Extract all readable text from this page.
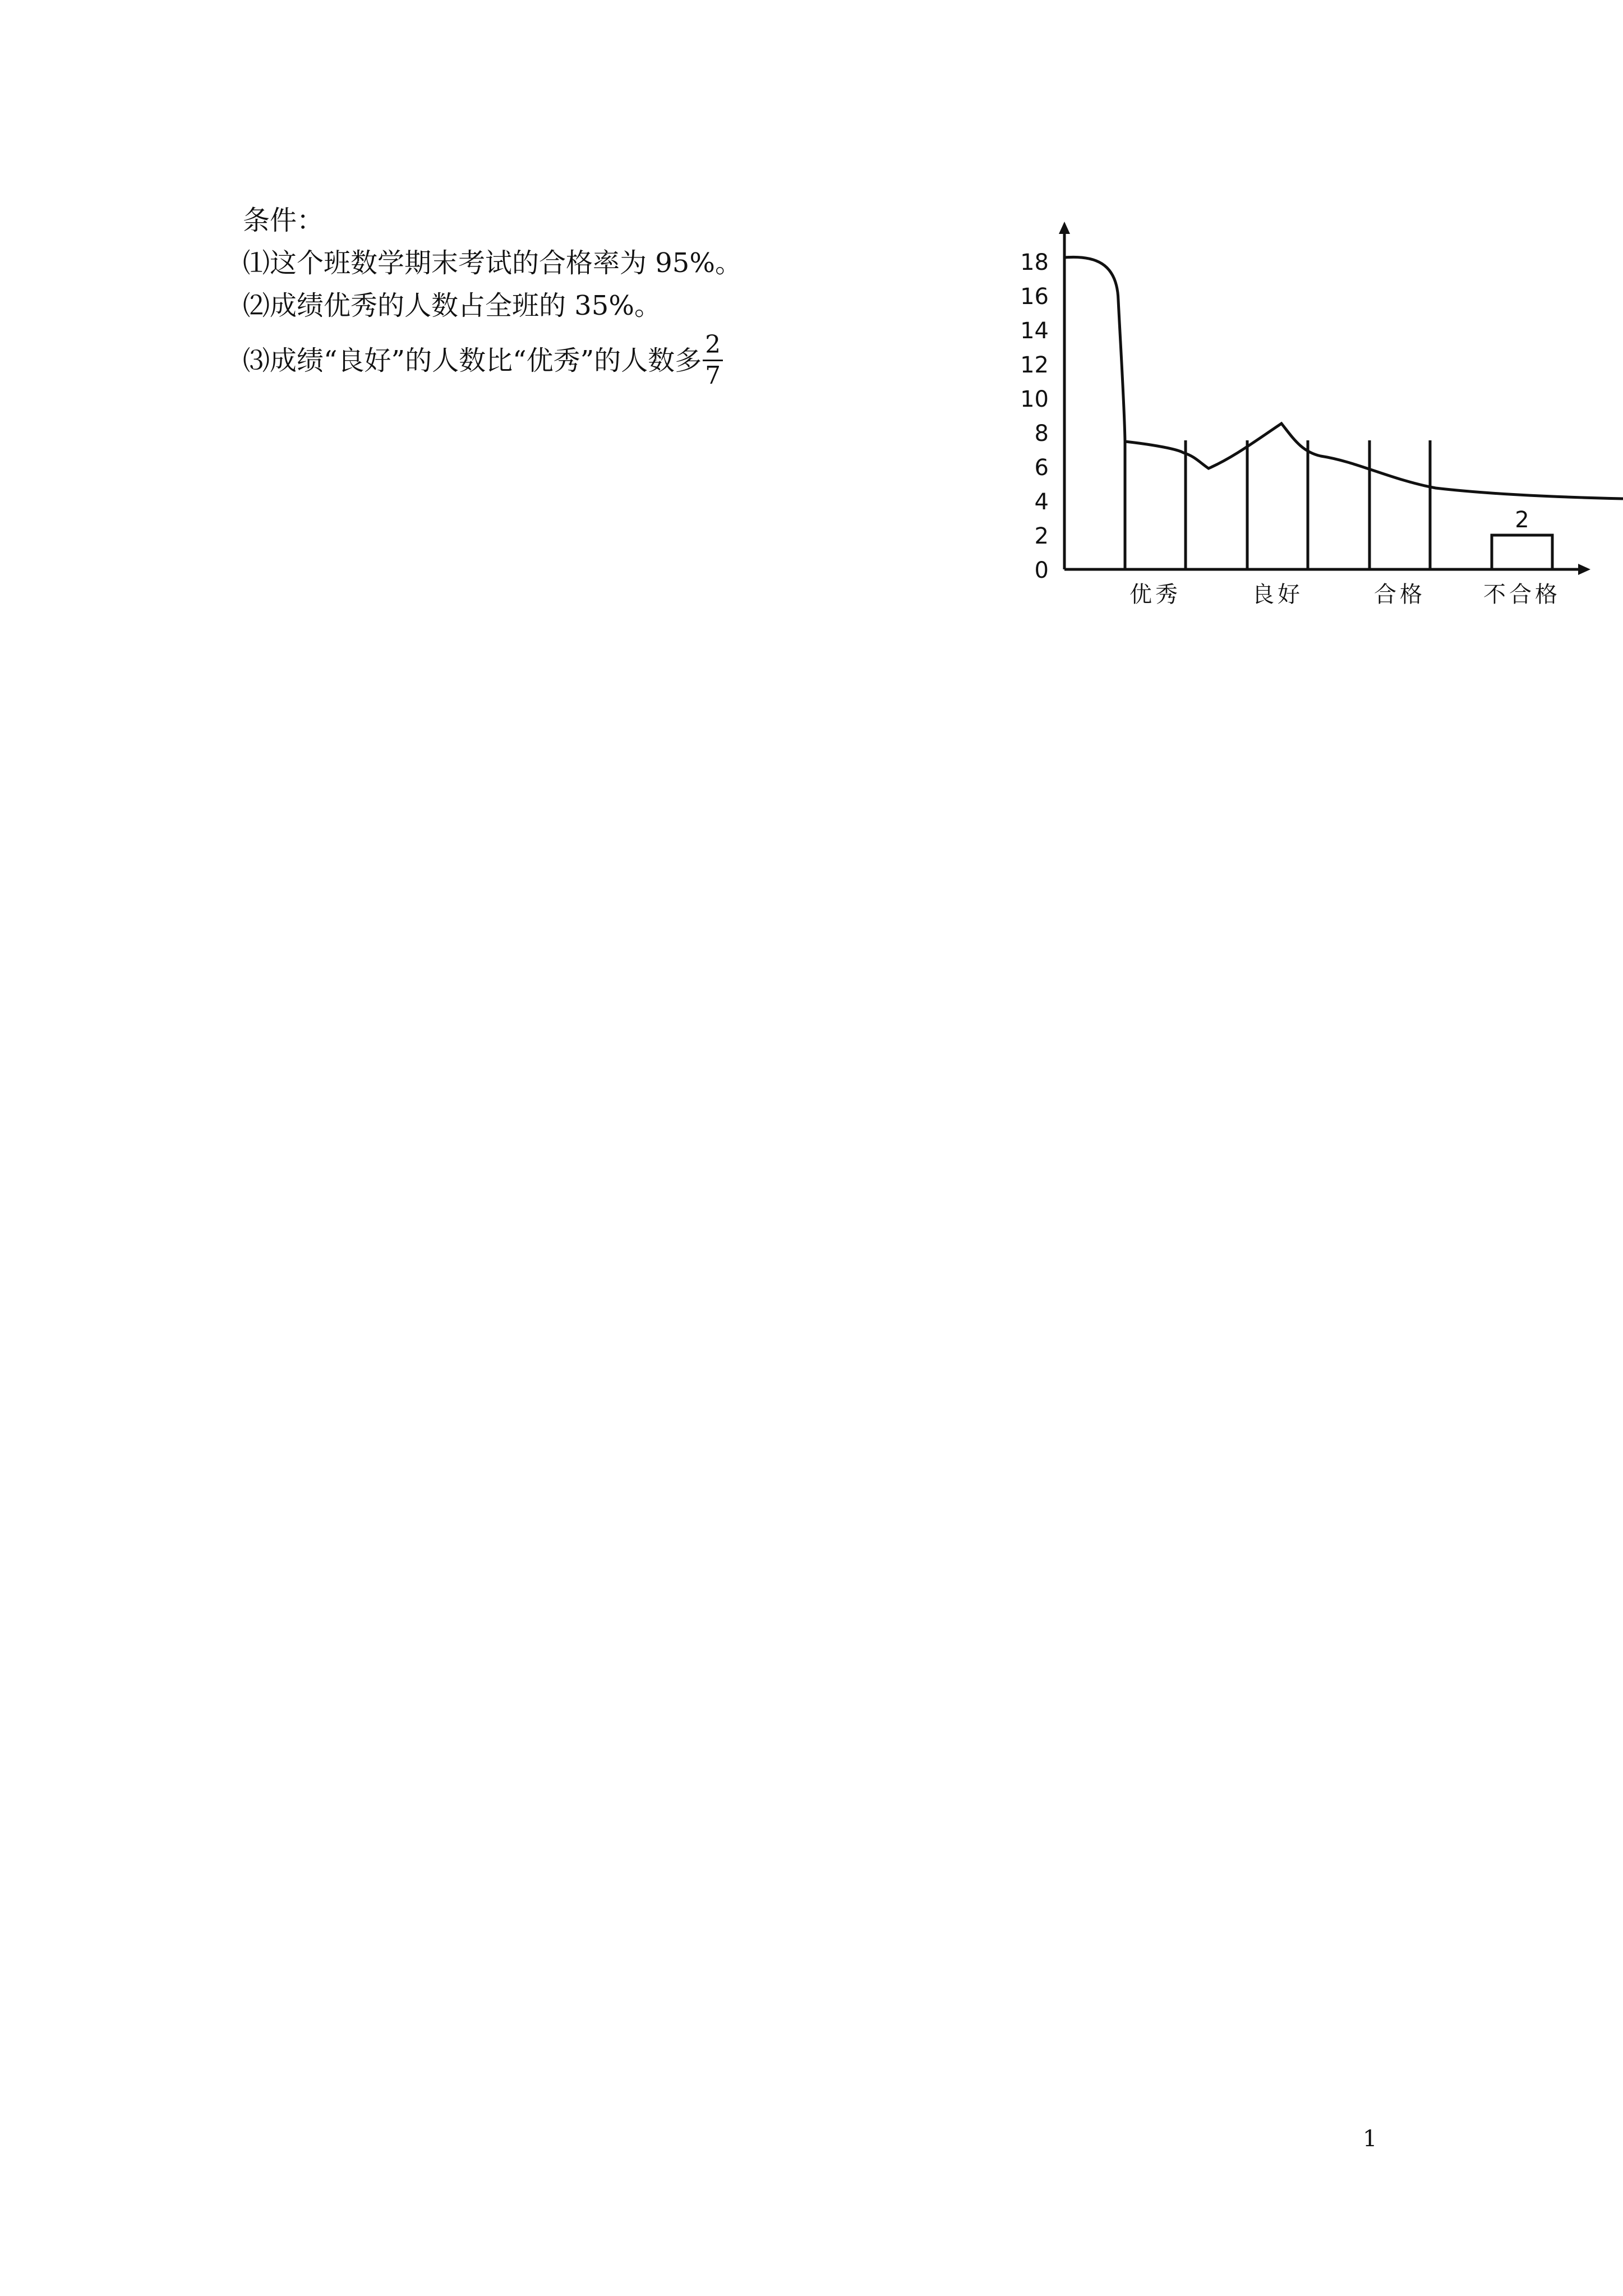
条件：
⑴这个班数学期末考试的合格率为 95%。
⑵成绩优秀的人数占全班的 35%。
⑶成绩“良好”的人数比“优秀”的人数多 $\frac{2}{7}$
0
2
4
6
8
10
12
14
16
18
2
优秀	良好	合格	不合格
1
